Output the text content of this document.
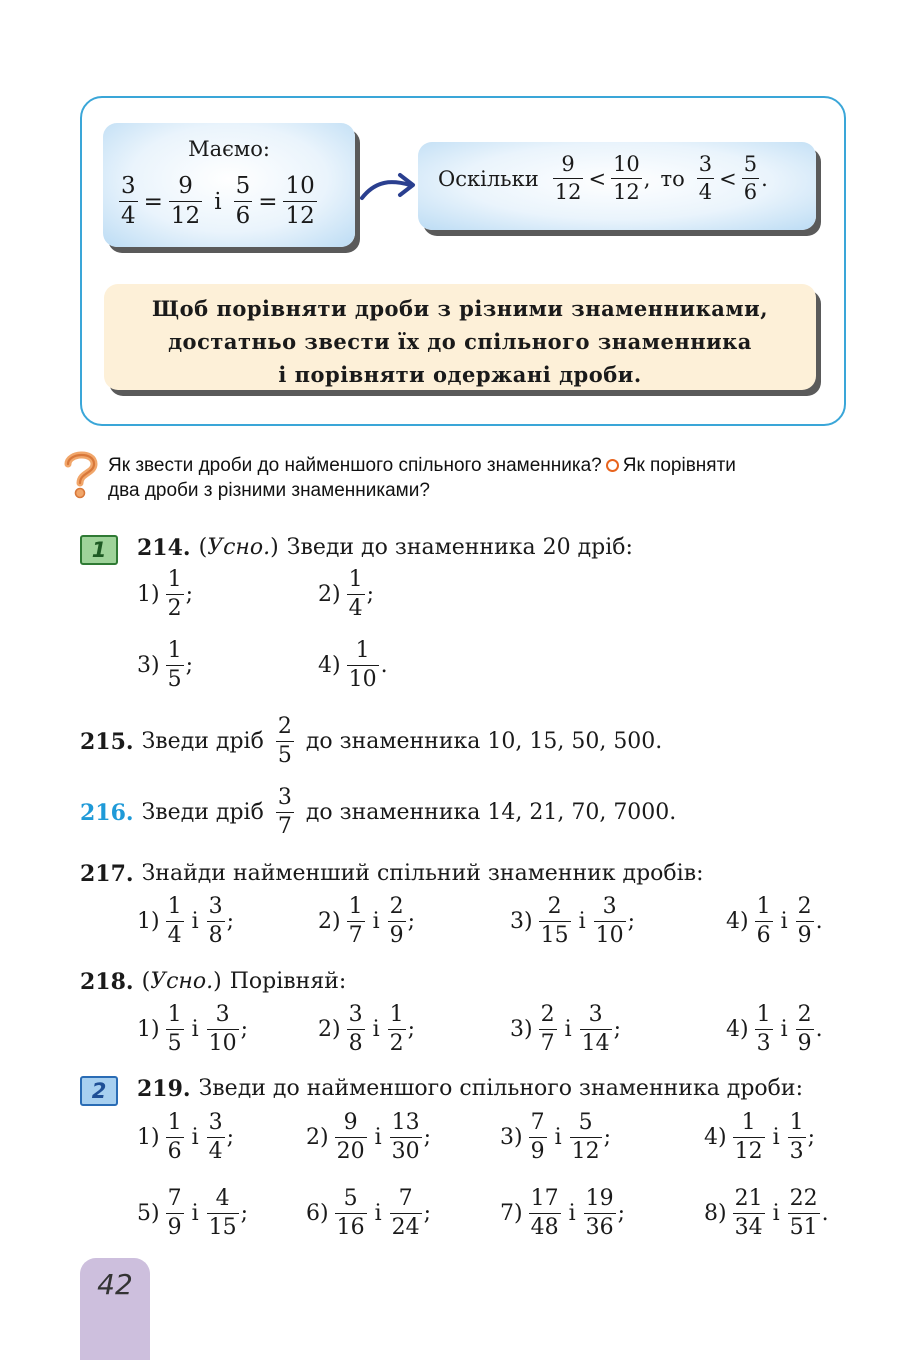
Маємо:
$\frac{3}{4} = \frac{9}{12}$ і $\frac{5}{6} = \frac{10}{12}$	Оскільки $\frac{9}{12} < \frac{10}{12}$ , то $\frac{3}{4} < \frac{5}{6}$ .
Щоб порівняти дроби з різними знаменниками,
достатньо звести їх до спільного знаменника
і порівняти одержані дроби.
Як звести дроби до найменшого спільного знаменника? Як порівняти
два дроби з різними знаменниками?
1	214. ( Усно. ) Зведи до знаменника 20 дріб:
$1) \frac{1}{2}$ ;	$2) \frac{1}{4}$ ;
$3) \frac{1}{5}$ ;	$4) \frac{1}{10}$ .
215. Зведи дріб $\frac{2}{5}$ до знаменника 10, 15, 50, 500.
216. Зведи дріб $\frac{3}{7}$ до знаменника 14, 21, 70, 7000.
217. Знайди найменший спільний знаменник дробів:
$1) \frac{1}{4}$ і $\frac{3}{8}$ ;	$2) \frac{1}{7}$ і $\frac{2}{9}$ ;	$3) \frac{2}{15}$ і $\frac{3}{10}$ ;	$4) \frac{1}{6}$ і $\frac{2}{9}$ .
218. ( Усно. ) Порівняй:
$1) \frac{1}{5}$ і $\frac{3}{10}$ ;	$2) \frac{3}{8}$ і $\frac{1}{2}$ ;	$3) \frac{2}{7}$ і $\frac{3}{14}$ ;	$4) \frac{1}{3}$ і $\frac{2}{9}$ .
2	219. Зведи до найменшого спільного знаменника дроби:
$1) \frac{1}{6}$ і $\frac{3}{4}$ ;	$2) \frac{9}{20}$ і $\frac{13}{30}$ ;	$3) \frac{7}{9}$ і $\frac{5}{12}$ ;	$4) \frac{1}{12}$ і $\frac{1}{3}$ ;
$5) \frac{7}{9}$ і $\frac{4}{15}$ ;	$6) \frac{5}{16}$ і $\frac{7}{24}$ ;	$7) \frac{17}{48}$ і $\frac{19}{36}$ ;	$8) \frac{21}{34}$ і $\frac{22}{51}$ .
42
